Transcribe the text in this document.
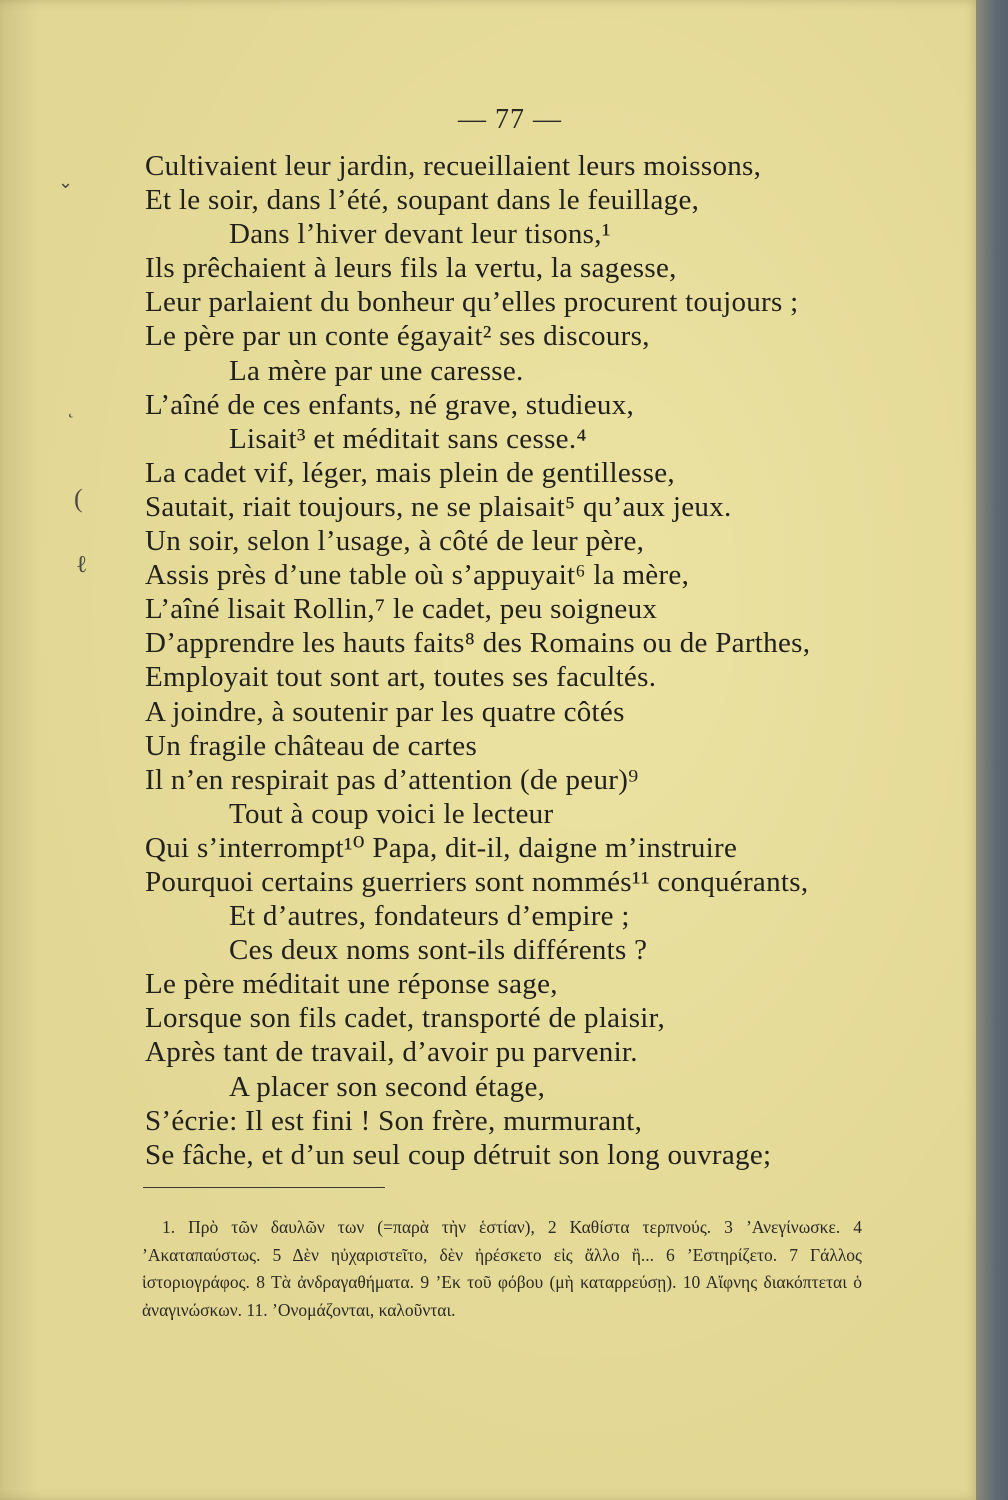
— 77 —
Cultivaient leur jardin, recueillaient leurs moissons,
Et le soir, dans l’été, soupant dans le feuillage,
Dans l’hiver devant leur tisons,¹
Ils prêchaient à leurs fils la vertu, la sagesse,
Leur parlaient du bonheur qu’elles procurent toujours ;
Le père par un conte égayait² ses discours,
La mère par une caresse.
L’aîné de ces enfants, né grave, studieux,
Lisait³ et méditait sans cesse.⁴
La cadet vif, léger, mais plein de gentillesse,
Sautait, riait toujours, ne se plaisait⁵ qu’aux jeux.
Un soir, selon l’usage, à côté de leur père,
Assis près d’une table où s’appuyait⁶ la mère,
L’aîné lisait Rollin,⁷ le cadet, peu soigneux
D’apprendre les hauts faits⁸ des Romains ou de Parthes,
Employait tout sont art, toutes ses facultés.
A joindre, à soutenir par les quatre côtés
Un fragile château de cartes
Il n’en respirait pas d’attention (de peur)⁹
Tout à coup voici le lecteur
Qui s’interrompt¹⁰ Papa, dit-il, daigne m’instruire
Pourquoi certains guerriers sont nommés¹¹ conquérants,
Et d’autres, fondateurs d’empire ;
Ces deux noms sont-ils différents ?
Le père méditait une réponse sage,
Lorsque son fils cadet, transporté de plaisir,
Après tant de travail, d’avoir pu parvenir.
A placer son second étage,
S’écrie: Il est fini ! Son frère, murmurant,
Se fâche, et d’un seul coup détruit son long ouvrage;
1. Πρὸ τῶν δαυλῶν των (=παρὰ τὴν ἑστίαν), 2 Καθίστα τερπνούς. 3 ’Ανεγίνωσκε. 4 ’Ακαταπαύστως. 5 Δὲν ηὐχαριστεῖτο, δὲν ἠρέσκετο εἰς ἄλλο ἢ... 6 ’Εστηρίζετο. 7 Γάλλος ἱστοριογράφος. 8 Τὰ ἀνδραγαθήματα. 9 ’Εκ τοῦ φόβου (μὴ καταρρεύσῃ). 10 Αἴφνης διακόπτεται ὁ ἀναγινώσκων. 11. ’Ονομάζονται, καλοῦνται.
⌄
˛
(
ℓ
